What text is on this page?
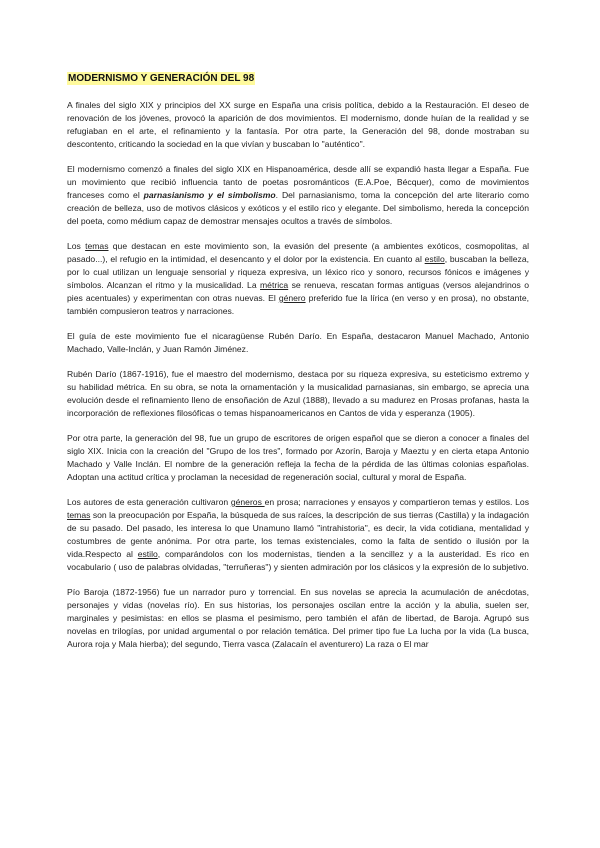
MODERNISMO Y GENERACIÓN DEL 98

A finales del siglo XIX y principios del XX surge en España una crisis política, debido a la Restauración. El deseo de renovación de los jóvenes, provocó la aparición de dos movimientos. El modernismo, donde huían de la realidad y se refugiaban en el arte, el refinamiento y la fantasía. Por otra parte, la Generación del 98, donde mostraban su descontento, criticando la sociedad en la que vivían y buscaban lo "auténtico".

El modernismo comenzó a finales del siglo XIX en Hispanoamérica, desde allí se expandió hasta llegar a España. Fue un movimiento que recibió influencia tanto de poetas posrománticos (E.A.Poe, Bécquer), como de movimientos franceses como el parnasianismo y el simbolismo. Del parnasianismo, toma la concepción del arte literario como creación de belleza, uso de motivos clásicos y exóticos y el estilo rico y elegante. Del simbolismo, hereda la concepción del poeta, como médium capaz de demostrar mensajes ocultos a través de símbolos.

Los temas que destacan en este movimiento son, la evasión del presente (a ambientes exóticos, cosmopolitas, al pasado...), el refugio en la intimidad, el desencanto y el dolor por la existencia. En cuanto al estilo, buscaban la belleza, por lo cual utilizan un lenguaje sensorial y riqueza expresiva, un léxico rico y sonoro, recursos fónicos e imágenes y símbolos. Alcanzan el ritmo y la musicalidad. La métrica se renueva, rescatan formas antiguas (versos alejandrinos o pies acentuales) y experimentan con otras nuevas. El género preferido fue la lírica (en verso y en prosa), no obstante, también compusieron teatros y narraciones.

El guía de este movimiento fue el nicaragüense Rubén Darío. En España, destacaron Manuel Machado, Antonio Machado, Valle-Inclán, y Juan Ramón Jiménez.

Rubén Darío (1867-1916), fue el maestro del modernismo, destaca por su riqueza expresiva, su esteticismo extremo y su habilidad métrica. En su obra, se nota la ornamentación y la musicalidad parnasianas, sin embargo, se aprecia una evolución desde el refinamiento lleno de ensoñación de Azul (1888), llevado a su madurez en Prosas profanas, hasta la incorporación de reflexiones filosóficas o temas hispanoamericanos en Cantos de vida y esperanza (1905).

Por otra parte, la generación del 98, fue un grupo de escritores de origen español que se dieron a conocer a finales del siglo XIX. Inicia con la creación del "Grupo de los tres", formado por Azorín, Baroja y Maeztu y en cierta etapa Antonio Machado y Valle Inclán. El nombre de la generación refleja la fecha de la pérdida de las últimas colonias españolas. Adoptan una actitud crítica y proclaman la necesidad de regeneración social, cultural y moral de España.

Los autores de esta generación cultivaron géneros en prosa; narraciones y ensayos y compartieron temas y estilos. Los temas son la preocupación por España, la búsqueda de sus raíces, la descripción de sus tierras (Castilla) y la indagación de su pasado. Del pasado, les interesa lo que Unamuno llamó "intrahistoria", es decir, la vida cotidiana, mentalidad y costumbres de gente anónima. Por otra parte, los temas existenciales, como la falta de sentido o ilusión por la vida.Respecto al estilo, comparándolos con los modernistas, tienden a la sencillez y a la austeridad. Es rico en vocabulario ( uso de palabras olvidadas, "terruñeras") y sienten admiración por los clásicos y la expresión de lo subjetivo.

Pío Baroja (1872-1956) fue un narrador puro y torrencial. En sus novelas se aprecia la acumulación de anécdotas, personajes y vidas (novelas río). En sus historias, los personajes oscilan entre la acción y la abulia, suelen ser, marginales y pesimistas: en ellos se plasma el pesimismo, pero también el afán de libertad, de Baroja. Agrupó sus novelas en trilogías, por unidad argumental o por relación temática. Del primer tipo fue La lucha por la vida (La busca, Aurora roja y Mala hierba); del segundo, Tierra vasca (Zalacaín el aventurero) La raza o El mar
